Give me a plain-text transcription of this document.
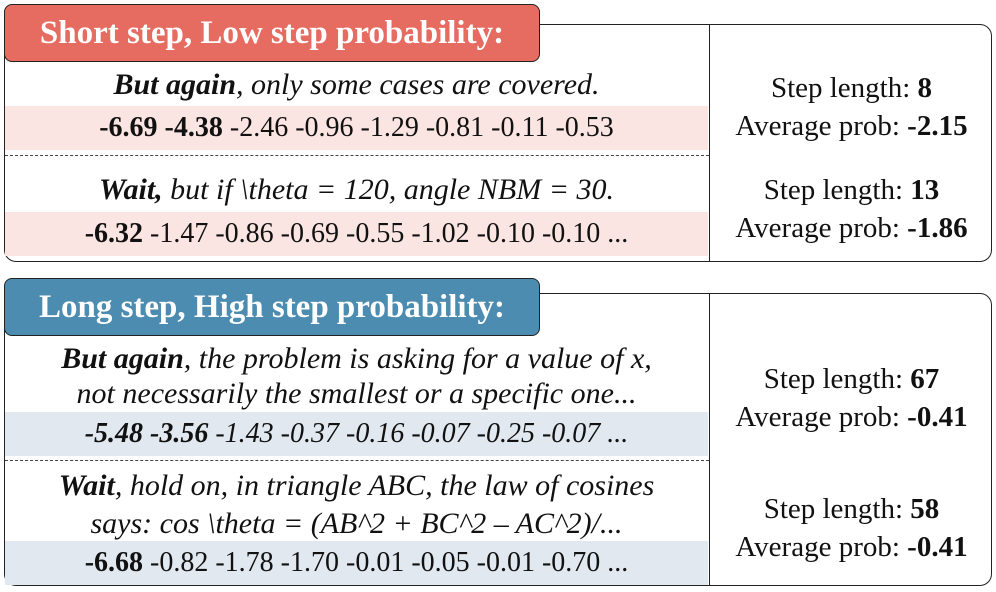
But again, only some cases are covered.
-6.69 -4.38 -2.46 -0.96 -1.29 -0.81 -0.11 -0.53
Step length: 8
Average prob: -2.15
Wait, but if \theta = 120, angle NBM = 30.
-6.32 -1.47 -0.86 -0.69 -0.55 -1.02 -0.10 -0.10 ...
Step length: 13
Average prob: -1.86
Short step, Low step probability:
But again, the problem is asking for a value of x,
not necessarily the smallest or a specific one...
-5.48 -3.56 -1.43 -0.37 -0.16 -0.07 -0.25 -0.07 ...
Step length: 67
Average prob: -0.41
Wait, hold on, in triangle ABC, the law of cosines
says: cos \theta = (AB^2 + BC^2 – AC^2)/...
-6.68 -0.82 -1.78 -1.70 -0.01 -0.05 -0.01 -0.70 ...
Step length: 58
Average prob: -0.41
Long step, High step probability:
